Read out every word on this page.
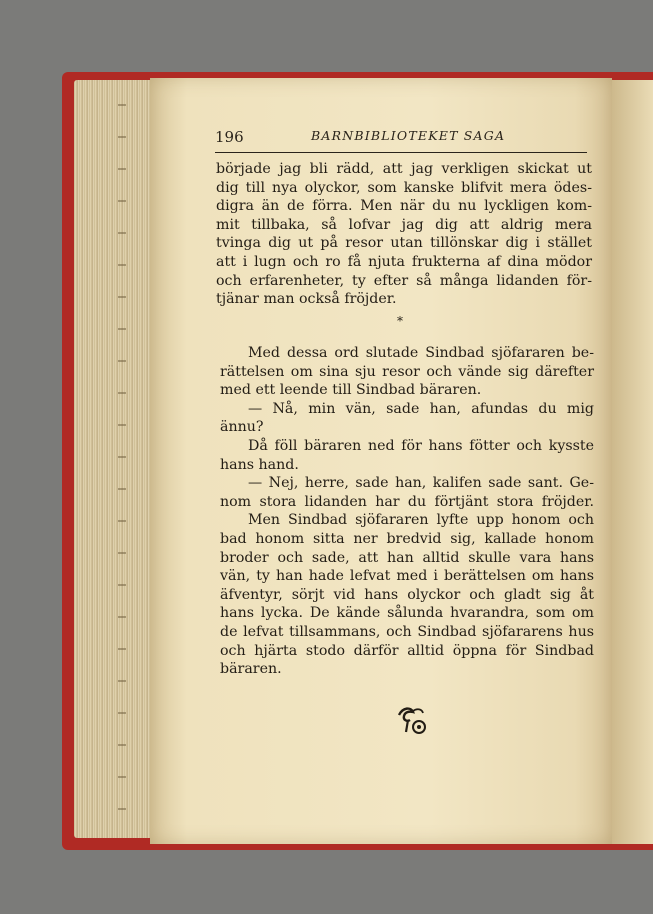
196	BARNBIBLIOTEKET SAGA
började jag bli rädd, att jag verkligen skickat ut
dig till nya olyckor, som kanske blifvit mera ödes-
digra än de förra. Men när du nu lyckligen kom-
mit tillbaka, så lofvar jag dig att aldrig mera
tvinga dig ut på resor utan tillönskar dig i stället
att i lugn och ro få njuta frukterna af dina mödor
och erfarenheter, ty efter så många lidanden för-
tjänar man också fröjder.
*
Med dessa ord slutade Sindbad sjöfararen be-
rättelsen om sina sju resor och vände sig därefter
med ett leende till Sindbad bäraren.
— Nå, min vän, sade han, afundas du mig
ännu?
Då föll bäraren ned för hans fötter och kysste
hans hand.
— Nej, herre, sade han, kalifen sade sant. Ge-
nom stora lidanden har du förtjänt stora fröjder.
Men Sindbad sjöfararen lyfte upp honom och
bad honom sitta ner bredvid sig, kallade honom
broder och sade, att han alltid skulle vara hans
vän, ty han hade lefvat med i berättelsen om hans
äfventyr, sörjt vid hans olyckor och gladt sig åt
hans lycka. De kände sålunda hvarandra, som om
de lefvat tillsammans, och Sindbad sjöfararens hus
och hjärta stodo därför alltid öppna för Sindbad
bäraren.
